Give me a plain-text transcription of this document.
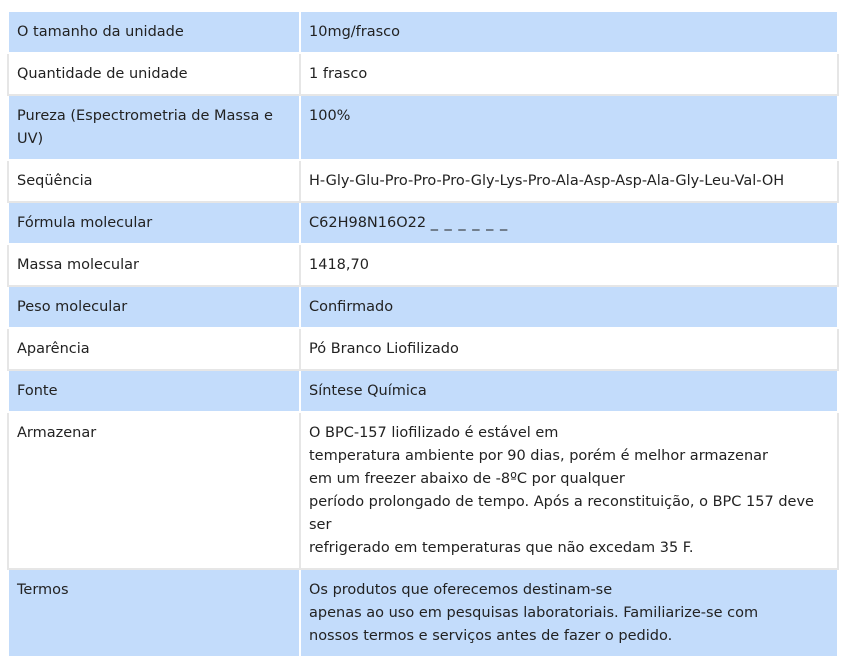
O tamanho da unidade	10mg/frasco

Quantidade de unidade	1 frasco

Pureza (Espectrometria de Massa e UV)	100%

Seqüência	H-Gly-Glu-Pro-Pro-Pro-Gly-Lys-Pro-Ala-Asp-Asp-Ala-Gly-Leu-Val-OH

Fórmula molecular	C62H98N16O22 _ _ _ _ _ _
Massa molecular	1418,70

Peso molecular	Confirmado

Aparência	Pó Branco Liofilizado

Fonte	Síntese Química

Armazenar	O BPC-157 liofilizado é estável em
temperatura ambiente por 90 dias, porém é melhor armazenar
em um freezer abaixo de -8ºC por qualquer
período prolongado de tempo. Após a reconstituição, o BPC 157 deve ser
refrigerado em temperaturas que não excedam 35 F.

Termos	Os produtos que oferecemos destinam-se
apenas ao uso em pesquisas laboratoriais. Familiarize-se com
nossos termos e serviços antes de fazer o pedido.
